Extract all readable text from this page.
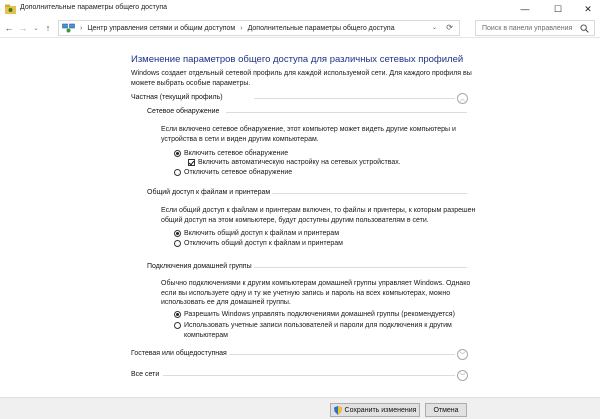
Дополнительные параметры общего доступа	—	☐	✕
← → ⌄ ↑	› Центр управления сетями и общим доступом › Дополнительные параметры общего доступа	⌄ ⟳
Поиск в панели управления
Изменение параметров общего доступа для различных сетевых профилей
Windows создает отдельный сетевой профиль для каждой используемой сети. Для каждого профиля вы можете выбрать особые параметры.
Частная (текущий профиль)	︿
Сетевое обнаружение
Если включено сетевое обнаружение, этот компьютер может видеть другие компьютеры и устройства в сети и виден другим компьютерам.
Включить сетевое обнаружение
Включить автоматическую настройку на сетевых устройствах.
Отключить сетевое обнаружение
Общий доступ к файлам и принтерам
Если общий доступ к файлам и принтерам включен, то файлы и принтеры, к которым разрешен общий доступ на этом компьютере, будут доступны другим пользователям в сети.
Включить общий доступ к файлам и принтерам
Отключить общий доступ к файлам и принтерам
Подключения домашней группы
Обычно подключениями к другим компьютерам домашней группы управляет Windows. Однако если вы используете одну и ту же учетную запись и пароль на всех компьютерах, можно использовать ее для домашней группы.
Разрешить Windows управлять подключениями домашней группы (рекомендуется)
Использовать учетные записи пользователей и пароли для подключения к другим компьютерам
Гостевая или общедоступная	﹀
Все сети	﹀
Сохранить изменения	Отмена
